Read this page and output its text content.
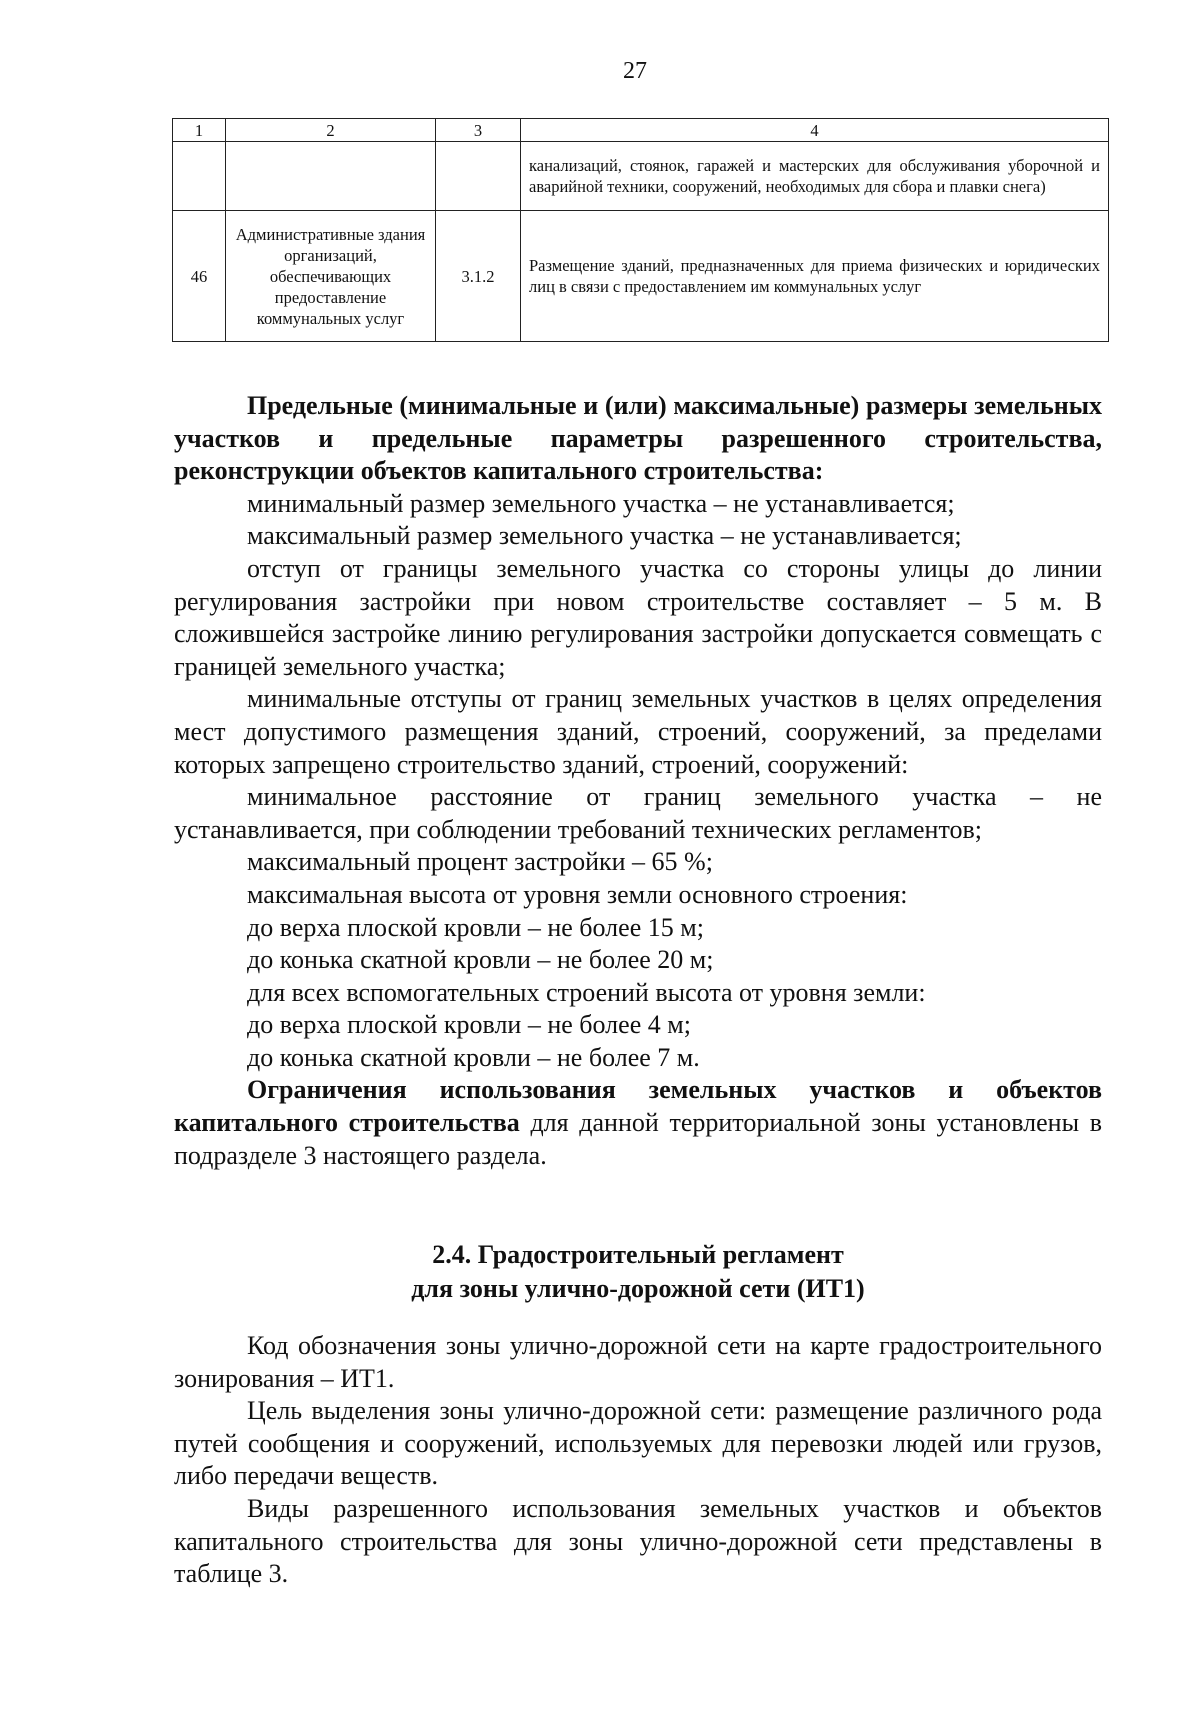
27
1	2	3	4
			канализаций, стоянок, гаражей и мастерских для обслуживания уборочной и аварийной техники, сооружений, необходимых для сбора и плавки снега)
46	Административные здания организаций, обеспечивающих предоставление коммунальных услуг	3.1.2	Размещение зданий, предназначенных для приема физических и юридических лиц в связи с предоставлением им коммунальных услуг

Предельные (минимальные и (или) максимальные) размеры земельных участков и предельные параметры разрешенного строительства, реконструкции объектов капитального строительства:

минимальный размер земельного участка – не устанавливается;

максимальный размер земельного участка – не устанавливается;

отступ от границы земельного участка со стороны улицы до линии регулирования застройки при новом строительстве составляет – 5 м. В сложившейся застройке линию регулирования застройки допускается совмещать с границей земельного участка;

минимальные отступы от границ земельных участков в целях определения мест допустимого размещения зданий, строений, сооружений, за пределами которых запрещено строительство зданий, строений, сооружений:

минимальное расстояние от границ земельного участка – не устанавливается, при соблюдении требований технических регламентов;

максимальный процент застройки – 65 %;

максимальная высота от уровня земли основного строения:

до верха плоской кровли – не более 15 м;

до конька скатной кровли – не более 20 м;

для всех вспомогательных строений высота от уровня земли:

до верха плоской кровли – не более 4 м;

до конька скатной кровли – не более 7 м.

Ограничения использования земельных участков и объектов капитального строительства для данной территориальной зоны установлены в подразделе 3 настоящего раздела.

2.4. Градостроительный регламент
для зоны улично-дорожной сети (ИТ1)

Код обозначения зоны улично-дорожной сети на карте градостроительного зонирования – ИТ1.

Цель выделения зоны улично-дорожной сети: размещение различного рода путей сообщения и сооружений, используемых для перевозки людей или грузов, либо передачи веществ.

Виды разрешенного использования земельных участков и объектов капитального строительства для зоны улично-дорожной сети представлены в таблице 3.
